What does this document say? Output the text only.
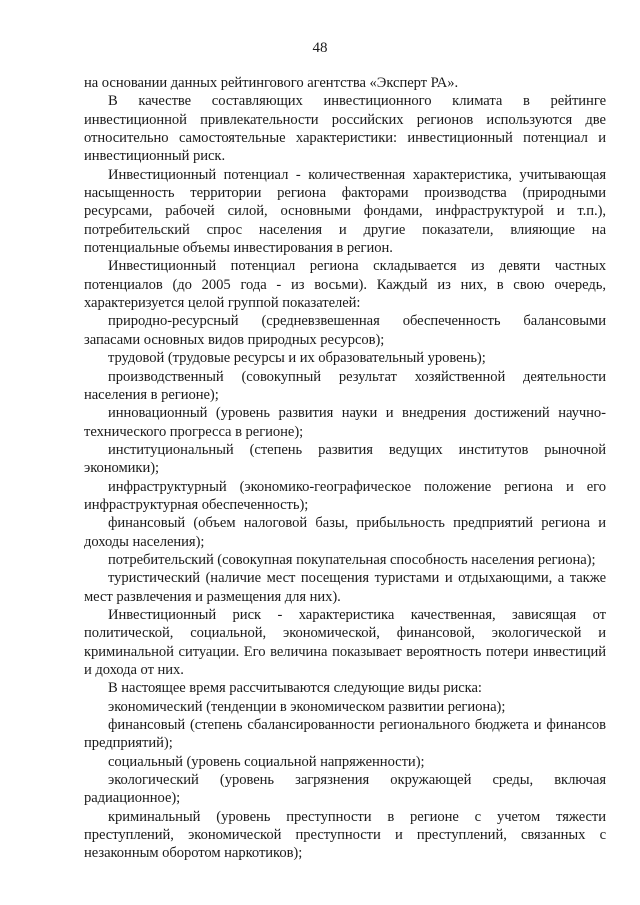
48

на основании данных рейтингового агентства «Эксперт РА».

В качестве составляющих инвестиционного климата в рейтинге инвестиционной привлекательности российских регионов используются две относительно самостоятельные характеристики: инвестиционный потенциал и инвестиционный риск.

Инвестиционный потенциал - количественная характеристика, учитывающая насыщенность территории региона факторами производства (природными ресурсами, рабочей силой, основными фондами, инфраструктурой и т.п.), потребительский спрос населения и другие показатели, влияющие на потенциальные объемы инвестирования в регион.

Инвестиционный потенциал региона складывается из девяти частных потенциалов (до 2005 года - из восьми). Каждый из них, в свою очередь, характеризуется целой группой показателей:

природно-ресурсный (средневзвешенная обеспеченность балансовыми запасами основных видов природных ресурсов);

трудовой (трудовые ресурсы и их образовательный уровень);

производственный (совокупный результат хозяйственной деятельности населения в регионе);

инновационный (уровень развития науки и внедрения достижений научно-технического прогресса в регионе);

институциональный (степень развития ведущих институтов рыночной экономики);

инфраструктурный (экономико-географическое положение региона и его инфраструктурная обеспеченность);

финансовый (объем налоговой базы, прибыльность предприятий региона и доходы населения);

потребительский (совокупная покупательная способность населения региона);

туристический (наличие мест посещения туристами и отдыхающими, а также мест развлечения и размещения для них).

Инвестиционный риск - характеристика качественная, зависящая от политической, социальной, экономической, финансовой, экологической и криминальной ситуации. Его величина показывает вероятность потери инвестиций и дохода от них.

В настоящее время рассчитываются следующие виды риска:

экономический (тенденции в экономическом развитии региона);

финансовый (степень сбалансированности регионального бюджета и финансов предприятий);

социальный (уровень социальной напряженности);

экологический (уровень загрязнения окружающей среды, включая радиационное);

криминальный (уровень преступности в регионе с учетом тяжести преступлений, экономической преступности и преступлений, связанных с незаконным оборотом наркотиков);
